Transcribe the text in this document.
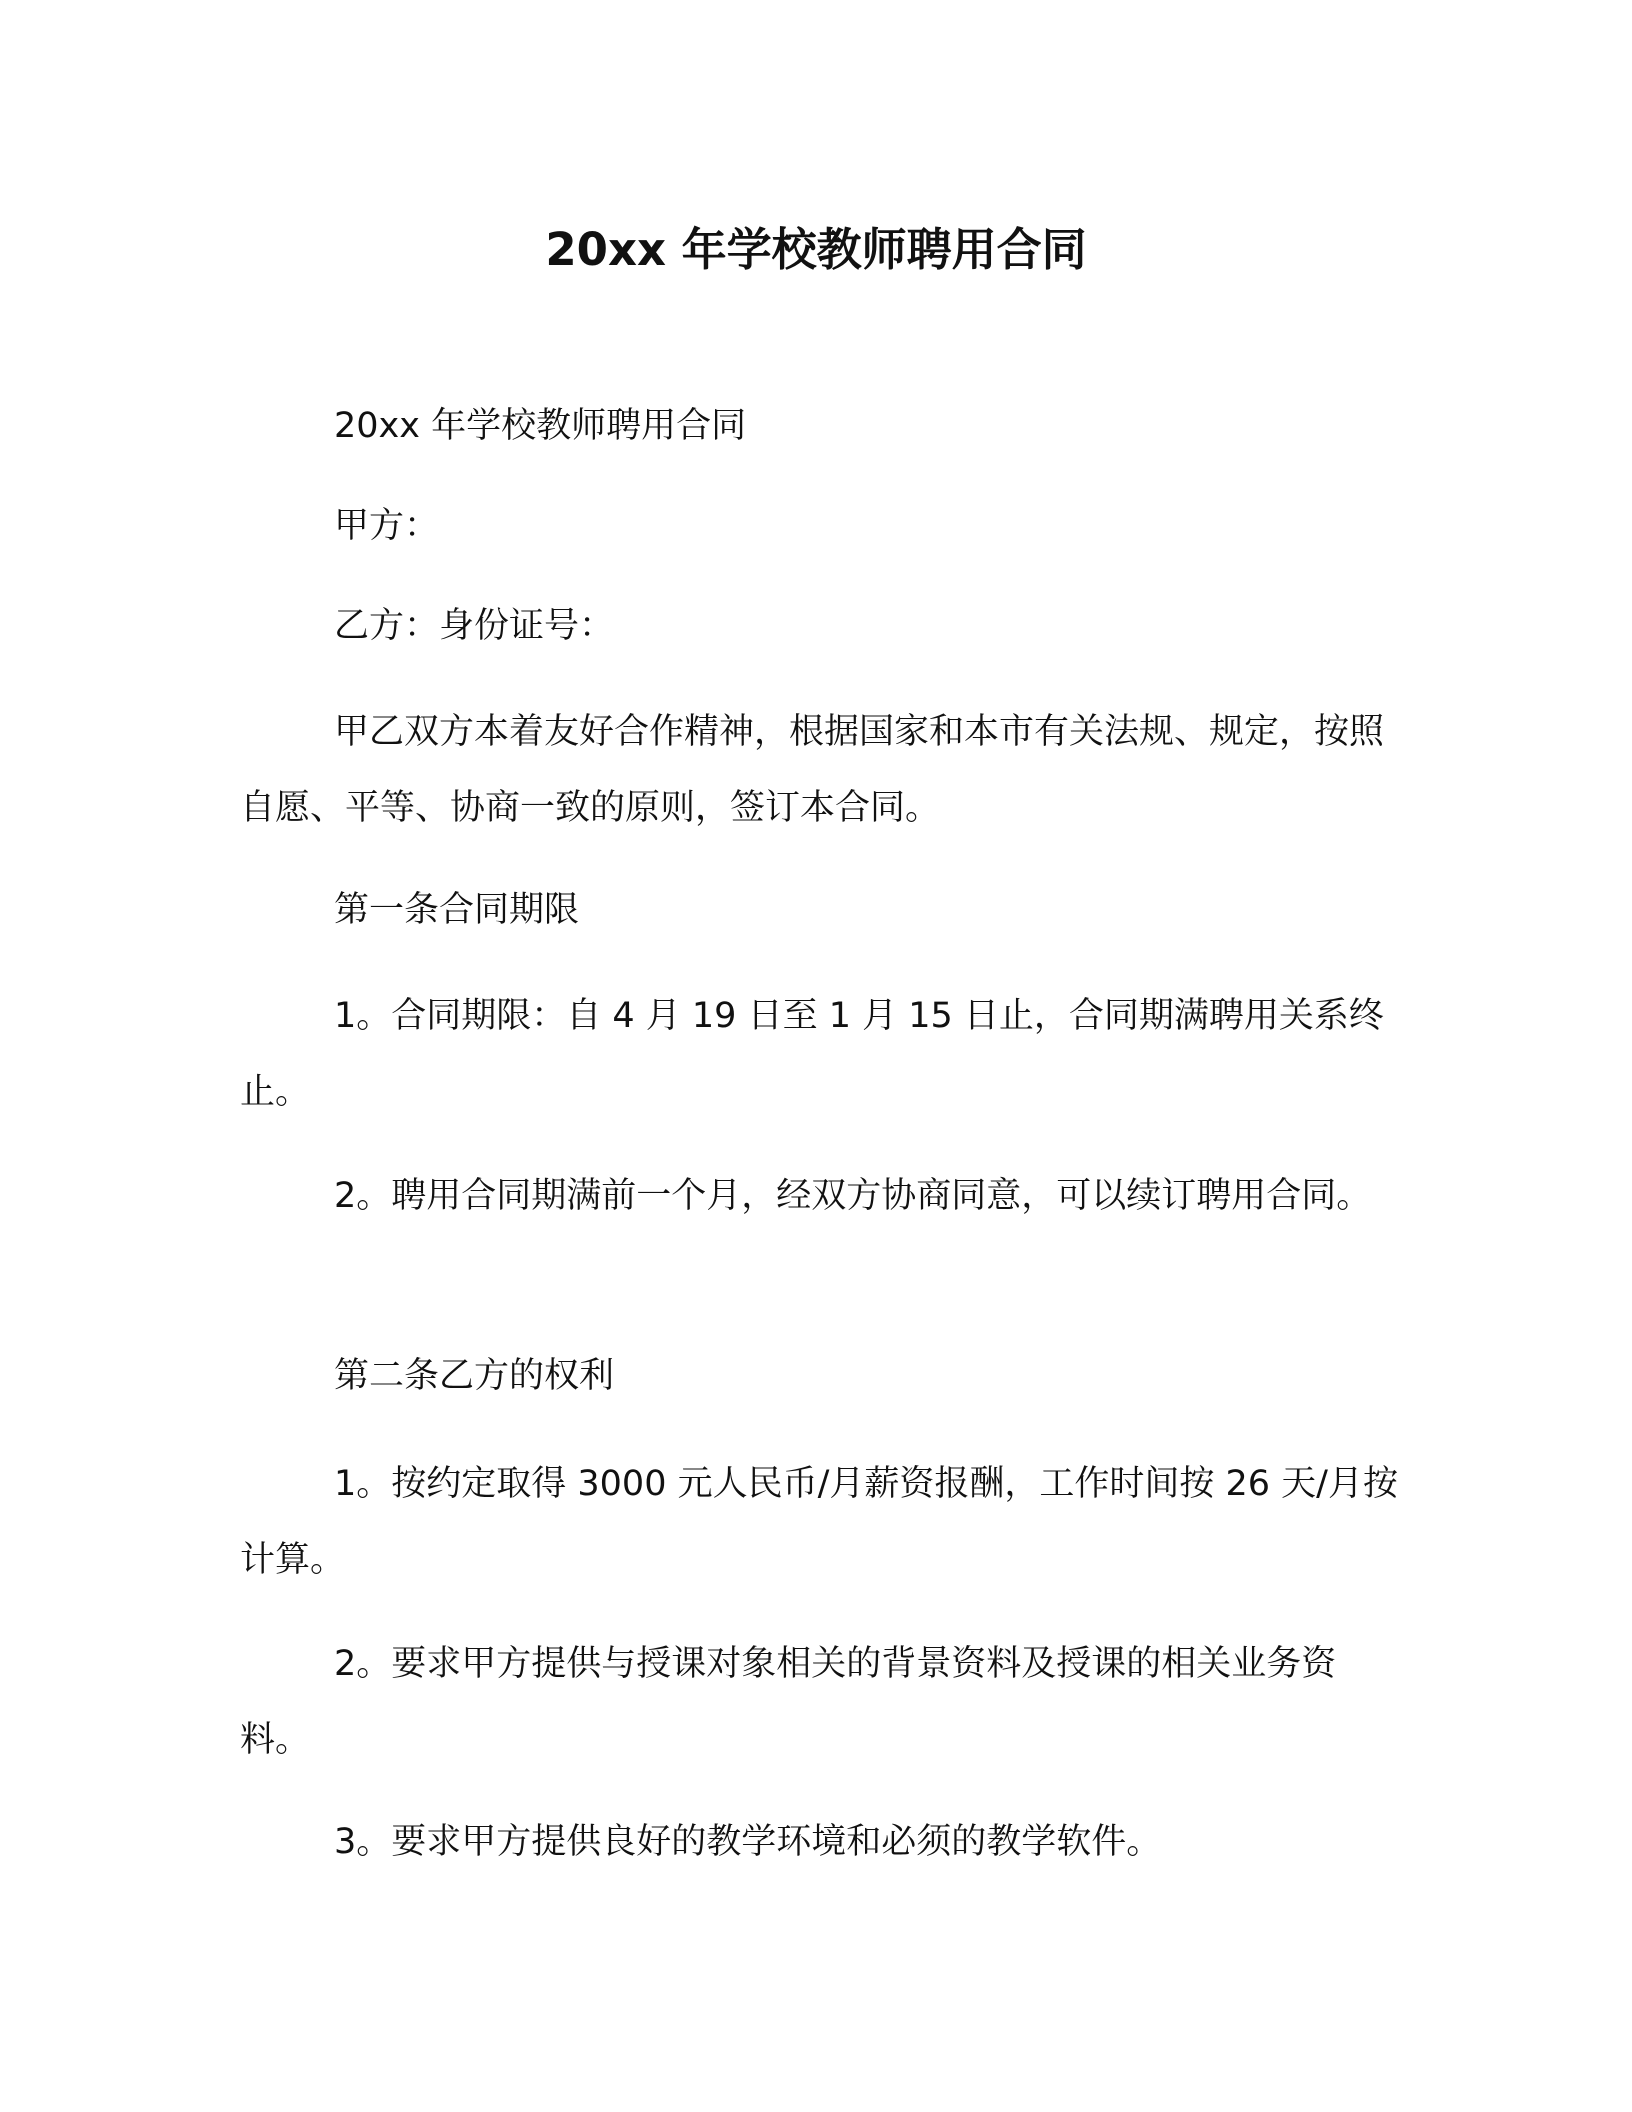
20xx 年学校教师聘用合同
20xx 年学校教师聘用合同
甲方：
乙方：身份证号：
甲乙双方本着友好合作精神，根据国家和本市有关法规、规定，按照自愿、平等、协商一致的原则，签订本合同。
第一条合同期限
1。合同期限：自 4 月 19 日至 1 月 15 日止，合同期满聘用关系终止。
2。聘用合同期满前一个月，经双方协商同意，可以续订聘用合同。
第二条乙方的权利
1。按约定取得 3000 元人民币/月薪资报酬，工作时间按 26 天/月按计算。
2。要求甲方提供与授课对象相关的背景资料及授课的相关业务资料。
3。要求甲方提供良好的教学环境和必须的教学软件。
